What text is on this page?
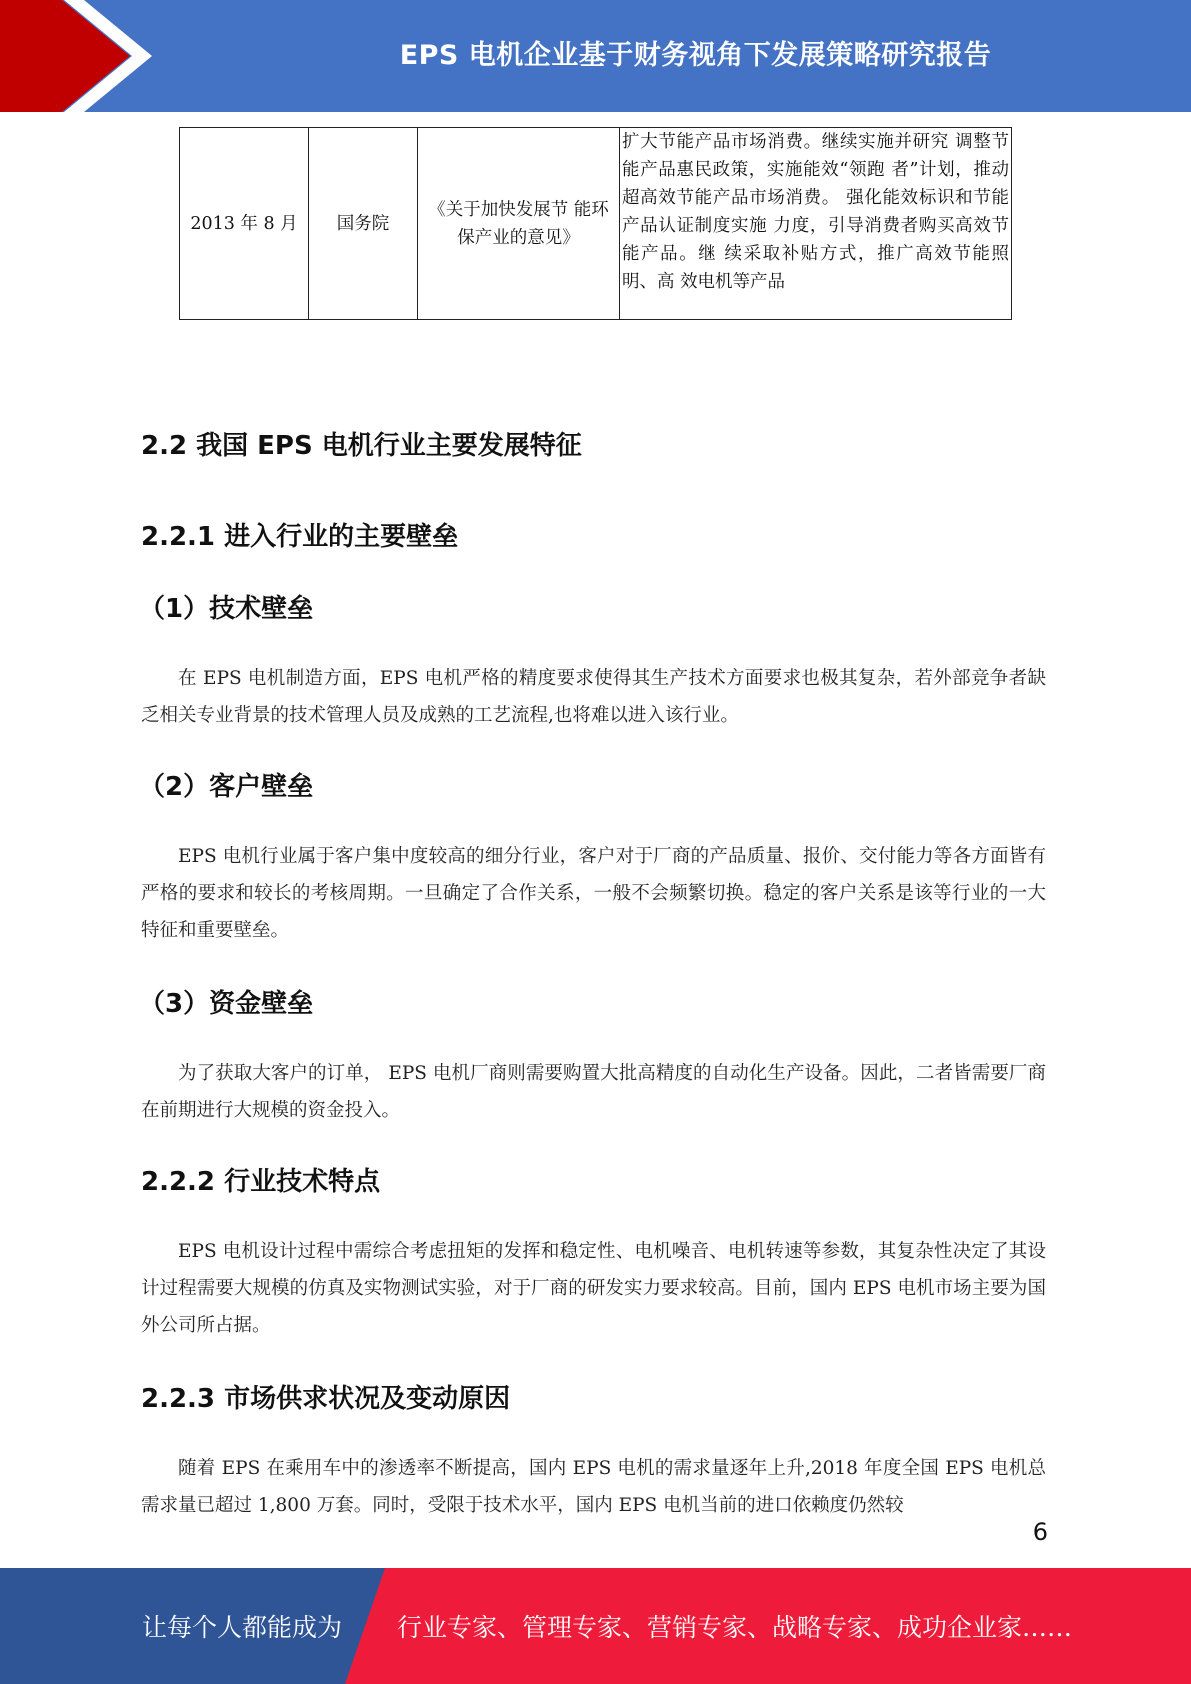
EPS 电机企业基于财务视角下发展策略研究报告
2013 年 8 月	国务院	《关于加快发展节 能环保产业的意见》	扩大节能产品市场消费。继续实施并研究 调整节能产品惠民政策，实施能效“领跑 者”计划，推动超高效节能产品市场消费。 强化能效标识和节能产品认证制度实施 力度，引导消费者购买高效节能产品。继 续采取补贴方式，推广高效节能照明、高 效电机等产品
2.2 我国 EPS 电机行业主要发展特征
2.2.1 进入行业的主要壁垒
（1）技术壁垒

在 EPS 电机制造方面，EPS 电机严格的精度要求使得其生产技术方面要求也极其复杂，若外部竞争者缺乏相关专业背景的技术管理人员及成熟的工艺流程,也将难以进入该行业。

（2）客户壁垒

EPS 电机行业属于客户集中度较高的细分行业，客户对于厂商的产品质量、报价、交付能力等各方面皆有严格的要求和较长的考核周期。一旦确定了合作关系，一般不会频繁切换。稳定的客户关系是该等行业的一大特征和重要壁垒。

（3）资金壁垒

为了获取大客户的订单， EPS 电机厂商则需要购置大批高精度的自动化生产设备。因此，二者皆需要厂商在前期进行大规模的资金投入。

2.2.2 行业技术特点

EPS 电机设计过程中需综合考虑扭矩的发挥和稳定性、电机噪音、电机转速等参数，其复杂性决定了其设计过程需要大规模的仿真及实物测试实验，对于厂商的研发实力要求较高。目前，国内 EPS 电机市场主要为国外公司所占据。

2.2.3 市场供求状况及变动原因

随着 EPS 在乘用车中的渗透率不断提高，国内 EPS 电机的需求量逐年上升,2018 年度全国 EPS 电机总需求量已超过 1,800 万套。同时，受限于技术水平，国内 EPS 电机当前的进口依赖度仍然较

6
让每个人都能成为 行业专家、管理专家、营销专家、战略专家、成功企业家……
